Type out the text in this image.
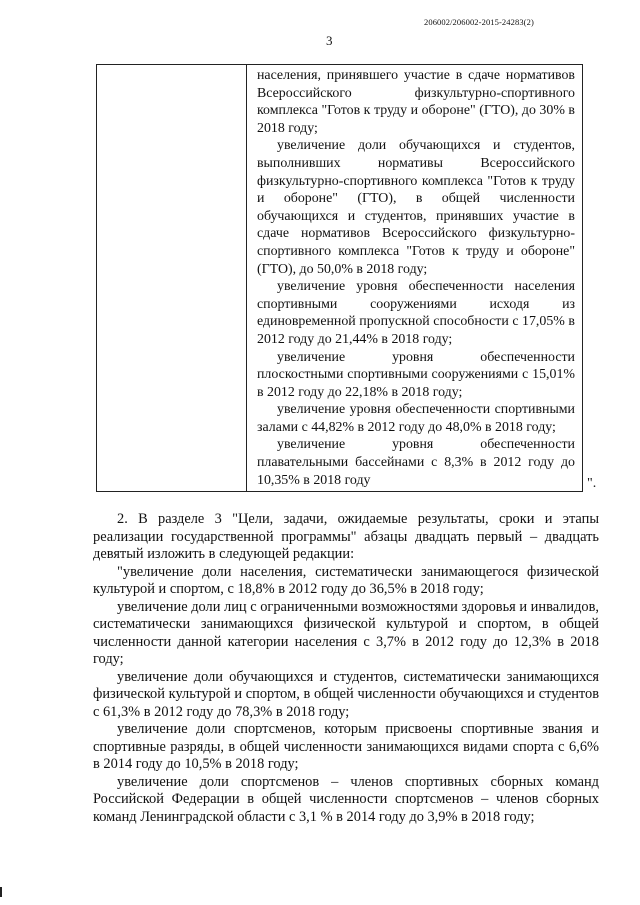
206002/206002-2015-24283(2)
3

населения, принявшего участие в сдаче нормативов Всероссийского физкультурно-спортивного комплекса "Готов к труду и обороне" (ГТО), до 30% в 2018 году;

увеличение доли обучающихся и студентов, выполнивших нормативы Всероссийского физкультурно-спортивного комплекса "Готов к труду и обороне" (ГТО), в общей численности обучающихся и студентов, принявших участие в сдаче нормативов Всероссийского физкультурно-спортивного комплекса "Готов к труду и обороне" (ГТО), до 50,0% в 2018 году;

увеличение уровня обеспеченности населения спортивными сооружениями исходя из единовременной пропускной способности с 17,05% в 2012 году до 21,44% в 2018 году;

увеличение уровня обеспеченности плоскостными спортивными сооружениями с 15,01% в 2012 году до 22,18% в 2018 году;

увеличение уровня обеспеченности спортивными залами с 44,82% в 2012 году до 48,0% в 2018 году;

увеличение уровня обеспеченности плавательными бассейнами с 8,3% в 2012 году до 10,35% в 2018 году	".

2. В разделе 3 "Цели, задачи, ожидаемые результаты, сроки и этапы реализации государственной программы" абзацы двадцать первый – двадцать девятый изложить в следующей редакции:

"увеличение доли населения, систематически занимающегося физической культурой и спортом, с 18,8% в 2012 году до 36,5% в 2018 году;

увеличение доли лиц с ограниченными возможностями здоровья и инвалидов, систематически занимающихся физической культурой и спортом, в общей численности данной категории населения с 3,7% в 2012 году до 12,3% в 2018 году;

увеличение доли обучающихся и студентов, систематически занимающихся физической культурой и спортом, в общей численности обучающихся и студентов с 61,3% в 2012 году до 78,3% в 2018 году;

увеличение доли спортсменов, которым присвоены спортивные звания и спортивные разряды, в общей численности занимающихся видами спорта с 6,6% в 2014 году до 10,5% в 2018 году;

увеличение доли спортсменов – членов спортивных сборных команд Российской Федерации в общей численности спортсменов – членов сборных команд Ленинградской области с 3,1 % в 2014 году до 3,9% в 2018 году;
